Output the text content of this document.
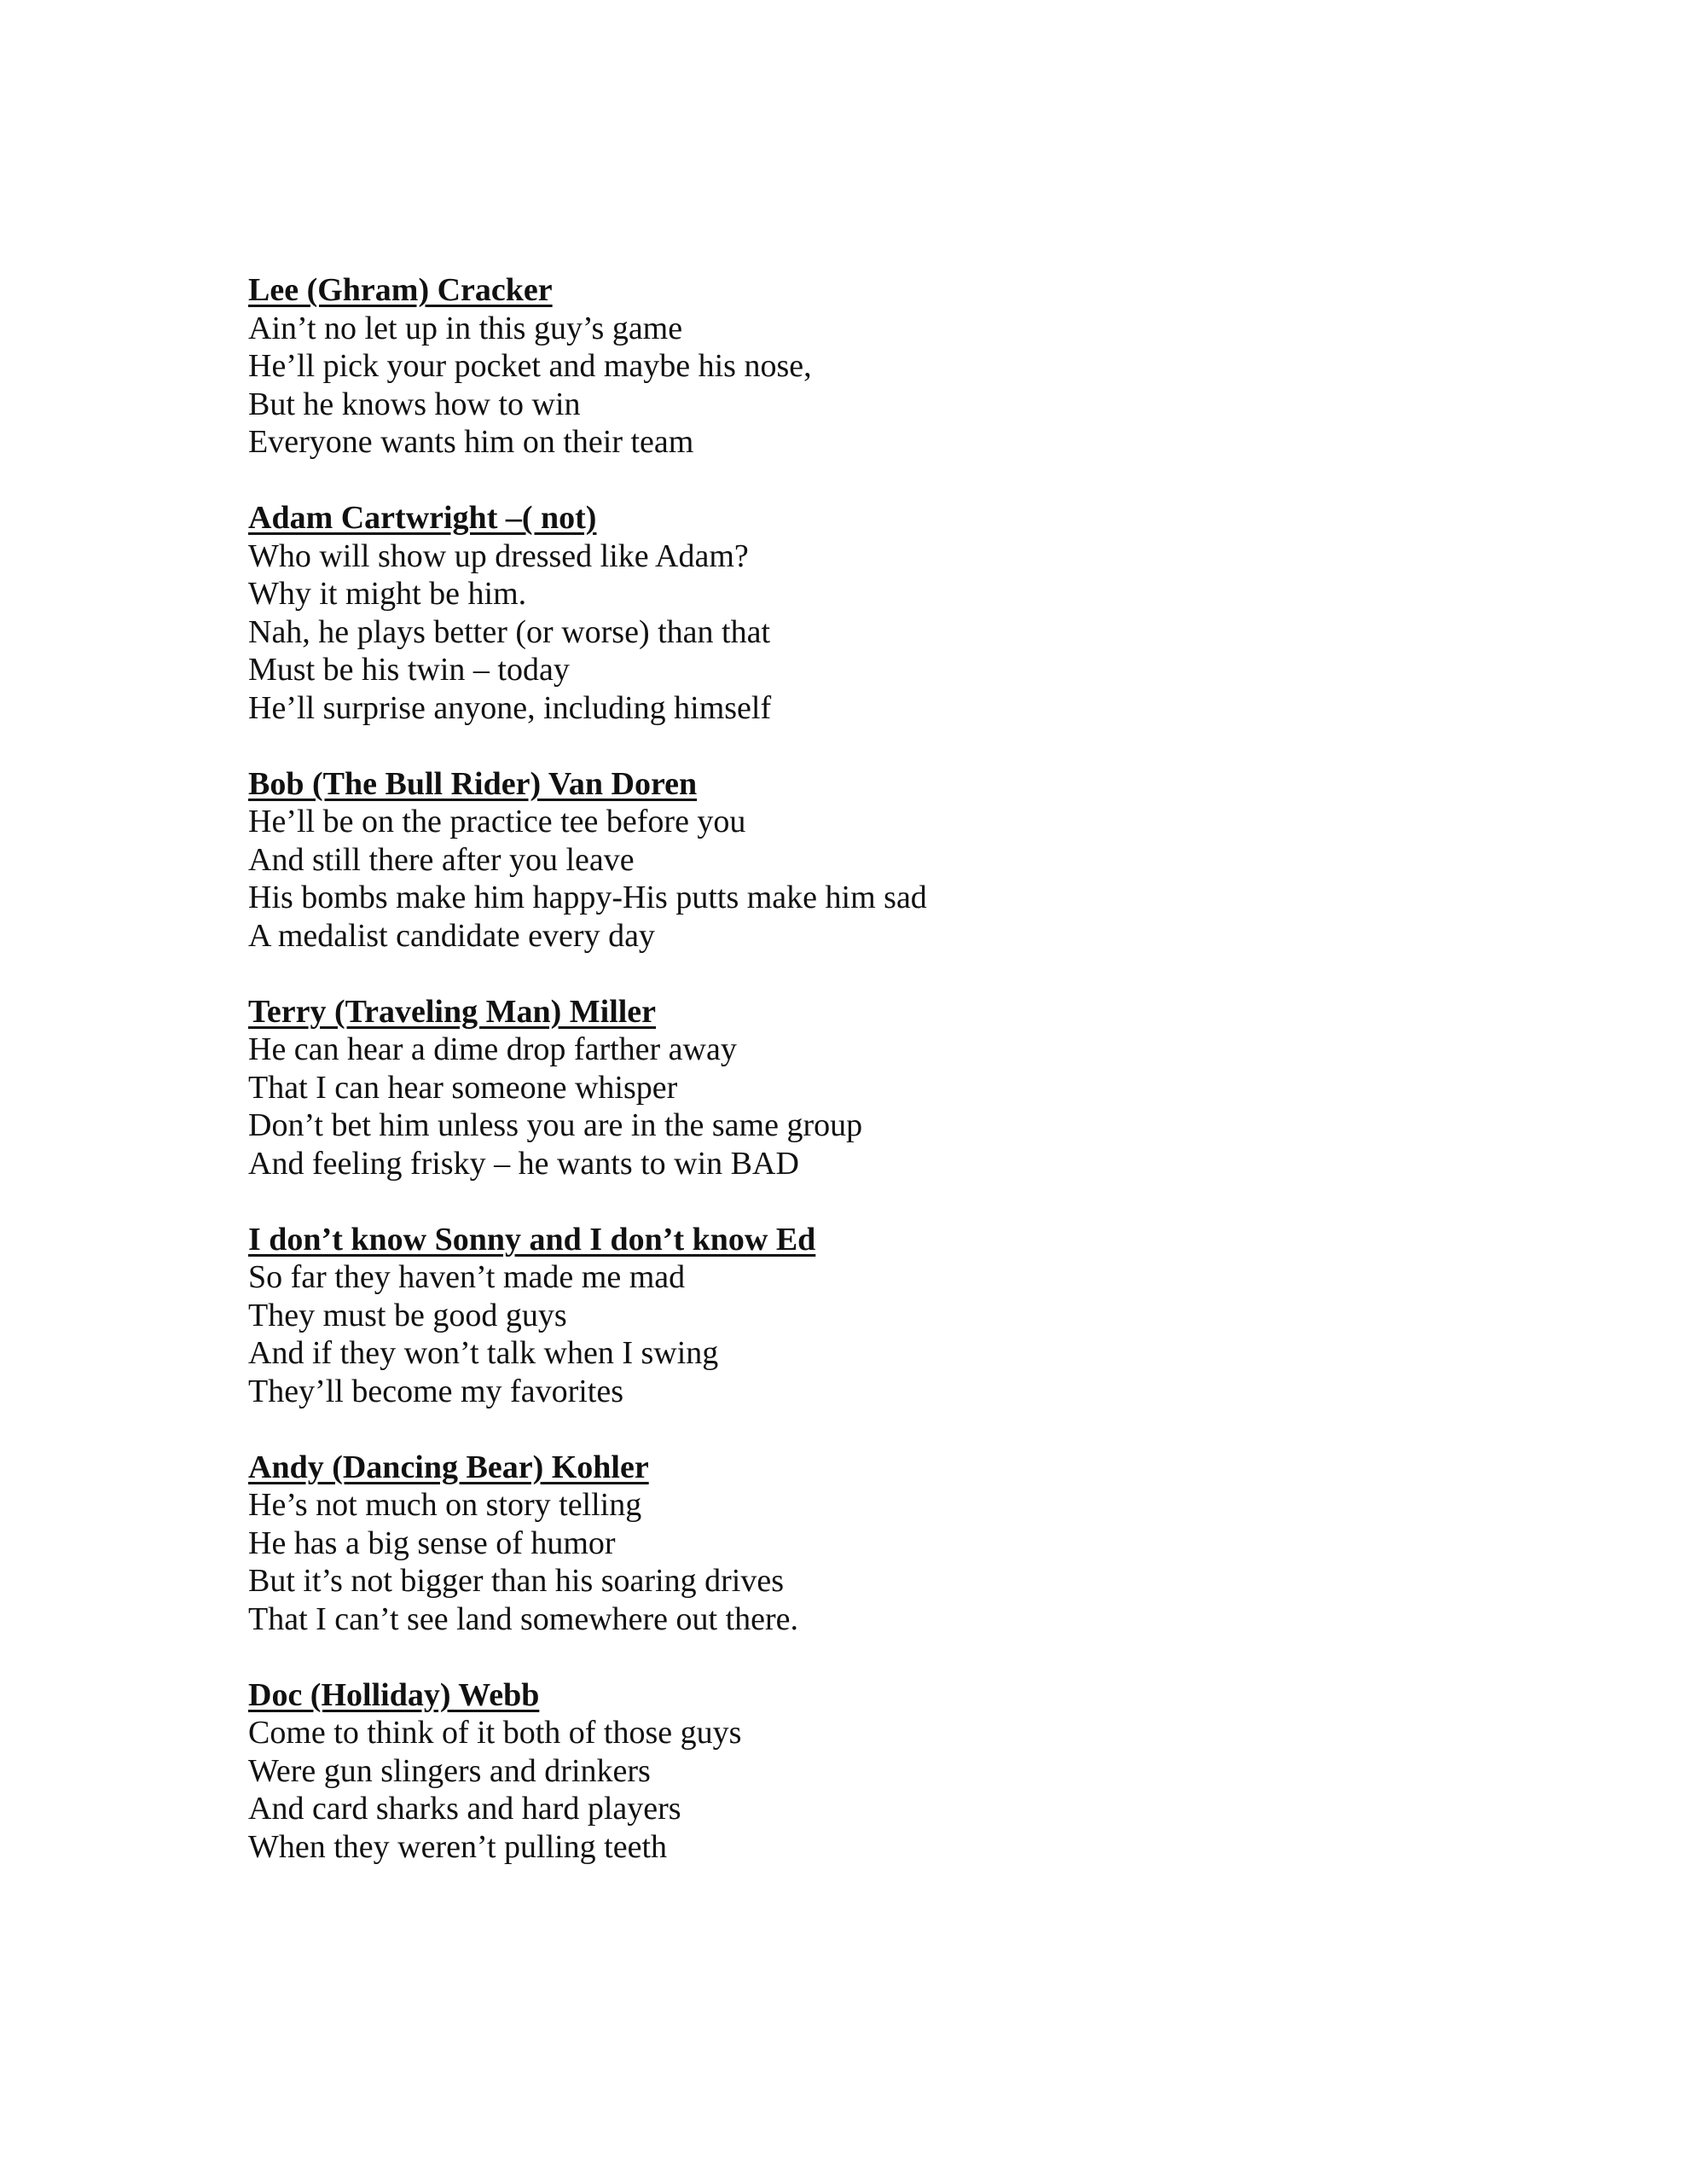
Lee (Ghram) Cracker
Ain’t no let up in this guy’s game
He’ll pick your pocket and maybe his nose,
But he knows how to win
Everyone wants him on their team
Adam Cartwright –( not)
Who will show up dressed like Adam?
Why it might be him.
Nah, he plays better (or worse) than that
Must be his twin – today
He’ll surprise anyone, including himself
Bob (The Bull Rider) Van Doren
He’ll be on the practice tee before you
And still there after you leave
His bombs make him happy-His putts make him sad
A medalist candidate every day
Terry (Traveling Man) Miller
He can hear a dime drop farther away
That I can hear someone whisper
Don’t bet him unless you are in the same group
And feeling frisky – he wants to win BAD
I don’t know Sonny and I don’t know Ed
So far they haven’t made me mad
They must be good guys
And if they won’t talk when I swing
They’ll become my favorites
Andy (Dancing Bear) Kohler
He’s not much on story telling
He has a big sense of humor
But it’s not bigger than his soaring drives
That I can’t see land somewhere out there.
Doc (Holliday) Webb
Come to think of it both of those guys
Were gun slingers and drinkers
And card sharks and hard players
When they weren’t pulling teeth
